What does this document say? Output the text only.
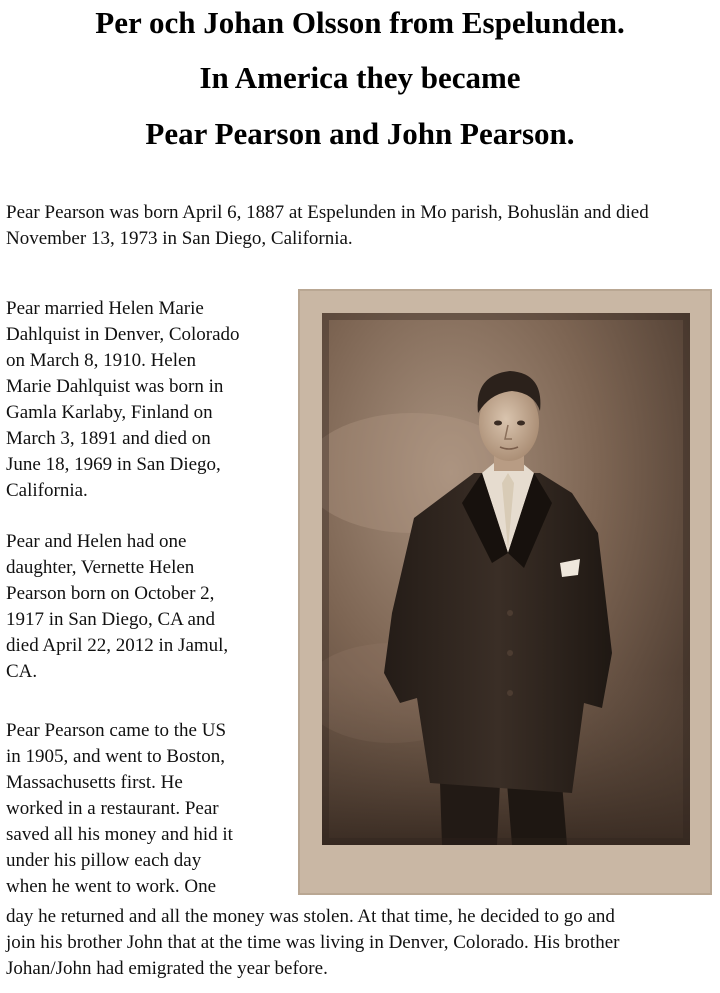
Per och Johan Olsson from Espelunden.
In America they became
Pear Pearson and John Pearson.

Pear Pearson was born April 6, 1887 at Espelunden in Mo parish, Bohuslän and died November 13, 1973 in San Diego, California.

Pear married Helen Marie
Dahlquist in Denver, Colorado
on March 8, 1910. Helen
Marie Dahlquist was born in
Gamla Karlaby, Finland on
March 3, 1891 and died on
June 18, 1969 in San Diego,
California.
Pear and Helen had one
daughter, Vernette Helen
Pearson born on October 2,
1917 in San Diego, CA and
died April 22, 2012 in Jamul,
CA.
Pear Pearson came to the US
in 1905, and went to Boston,
Massachusetts first. He
worked in a restaurant. Pear
saved all his money and hid it
under his pillow each day
when he went to work. One
day he returned and all the money was stolen. At that time, he decided to go and
join his brother John that at the time was living in Denver, Colorado. His brother
Johan/John had emigrated the year before.
